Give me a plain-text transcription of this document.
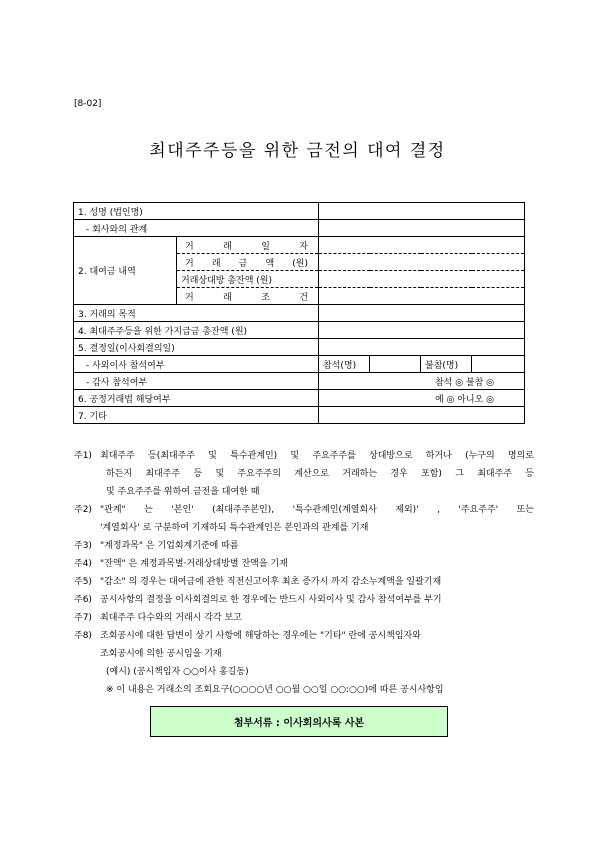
[8-02]
최대주주등을 위한 금전의 대여 결정
1. 성명 (법인명)					
- 회사와의 관계					
2. 대여금 내역	거 래 일 자				

	거 래 금 액 (원)				

	거래상대방 총잔액 (원)				

	거 래 조 건				

3. 거래의 목적					
4. 최대주주등을 위한 가지급금 총잔액 (원)					
5. 결정일(이사회결의일)					
- 사외이사 참석여부		참석(명)		불참(명)	
- 감사 참석여부		참석 ◎ 불참 ◎			
6. 공정거래법 해당여부		예 ◎ 아니오 ◎			
7. 기타					
주1) 최대주주 등(최대주주 및 특수관계인) 및 주요주주를 상대방으로 하거나 (누구의 명의로
하든지 최대주주 등 및 주요주주의 계산으로 거래하는 경우 포함) 그 최대주주 등
및 주요주주를 위하여 금전을 대여한 때
주2) "관계" 는 '본인' (최대주주본인), '특수관계인(계열회사 제외)' , '주요주주' 또는
'계열회사' 로 구분하여 기재하되 특수관계인은 본인과의 관계를 기재
주3) "계정과목" 은 기업회계기준에 따름
주4) "잔액" 은 계정과목별·거래상대방별 잔액을 기재
주5) "감소" 의 경우는 대여금에 관한 직전신고이후 최초 증가시 까지 감소누계액을 일괄기재
주6) 공시사항의 결정을 이사회결의로 한 경우에는 반드시 사외이사 및 감사 참석여부를 부기
주7) 최대주주 다수와의 거래시 각각 보고
주8) 조회공시에 대한 답변이 상기 사항에 해당하는 경우에는 "기타" 란에 공시책임자와
조회공시에 의한 공시임을 기재
(예시) (공시책임자 ○○이사 홍길동)
※ 이 내용은 거래소의 조회요구(○○○○년 ○○월 ○○일 ○○:○○)에 따른 공시사항임
첨부서류 : 이사회의사록 사본
